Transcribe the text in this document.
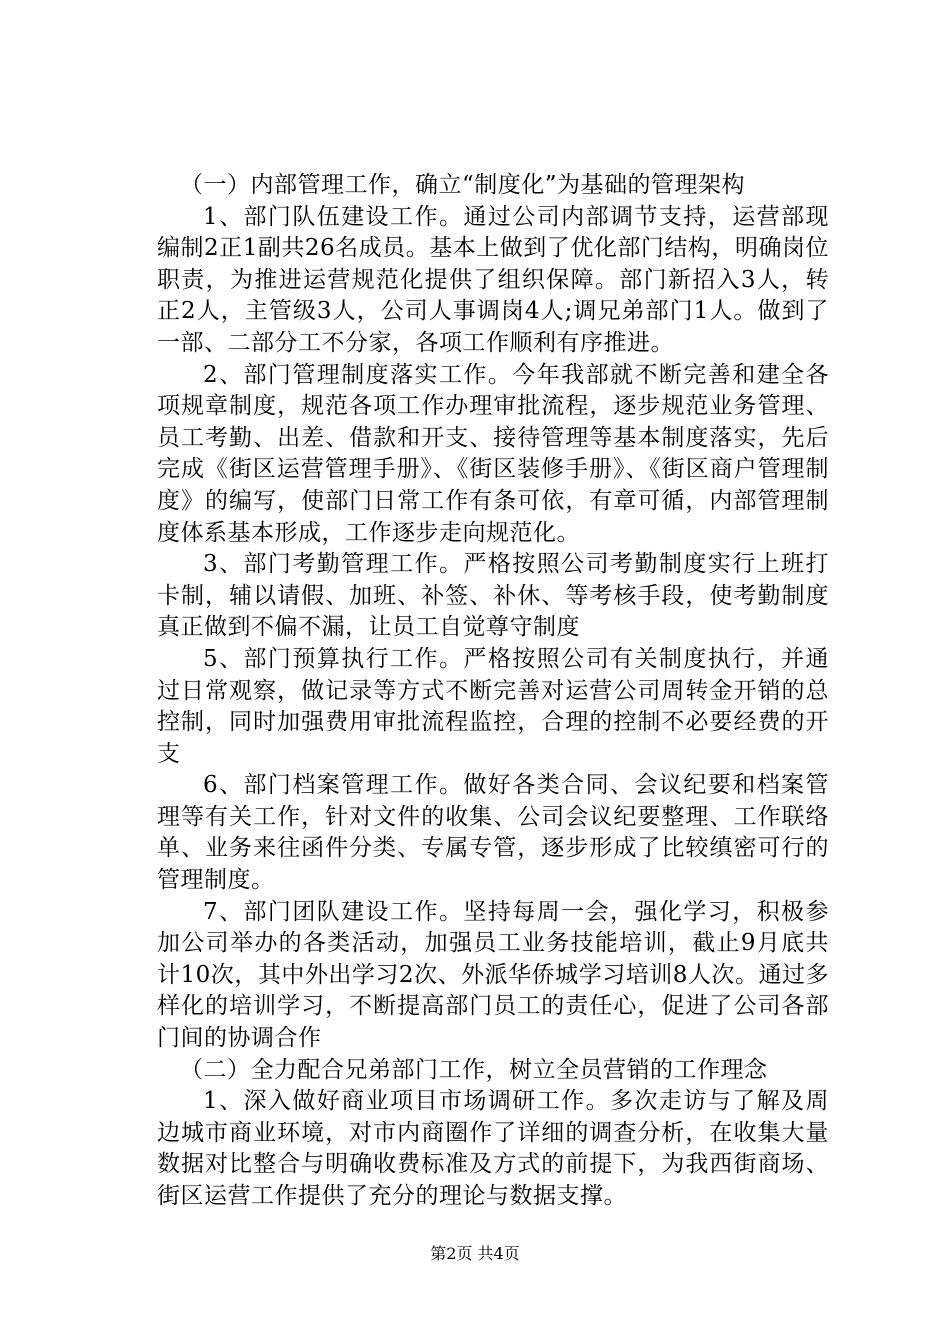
（一）内部管理工作，确立“制度化”为基础的管理架构

1、部门队伍建设工作。通过公司内部调节支持，运营部现编制2正1副共26名成员。基本上做到了优化部门结构，明确岗位职责，为推进运营规范化提供了组织保障。部门新招入3人，转正2人，主管级3人，公司人事调岗4人;调兄弟部门1人。做到了一部、二部分工不分家，各项工作顺利有序推进。

2、部门管理制度落实工作。今年我部就不断完善和建全各项规章制度，规范各项工作办理审批流程，逐步规范业务管理、员工考勤、出差、借款和开支、接待管理等基本制度落实，先后完成《街区运营管理手册》、《街区装修手册》、《街区商户管理制度》的编写，使部门日常工作有条可依，有章可循，内部管理制度体系基本形成，工作逐步走向规范化。

3、部门考勤管理工作。严格按照公司考勤制度实行上班打卡制，辅以请假、加班、补签、补休、等考核手段，使考勤制度真正做到不偏不漏，让员工自觉尊守制度

5、部门预算执行工作。严格按照公司有关制度执行，并通过日常观察，做记录等方式不断完善对运营公司周转金开销的总控制，同时加强费用审批流程监控，合理的控制不必要经费的开支

6、部门档案管理工作。做好各类合同、会议纪要和档案管理等有关工作，针对文件的收集、公司会议纪要整理、工作联络单、业务来往函件分类、专属专管，逐步形成了比较缜密可行的管理制度。

7、部门团队建设工作。坚持每周一会，强化学习，积极参加公司举办的各类活动，加强员工业务技能培训，截止9月底共计10次，其中外出学习2次、外派华侨城学习培训8人次。通过多样化的培训学习，不断提高部门员工的责任心，促进了公司各部门间的协调合作

（二）全力配合兄弟部门工作，树立全员营销的工作理念

1、深入做好商业项目市场调研工作。多次走访与了解及周边城市商业环境，对市内商圈作了详细的调查分析，在收集大量数据对比整合与明确收费标准及方式的前提下，为我西街商场、街区运营工作提供了充分的理论与数据支撑。

第2页 共4页
